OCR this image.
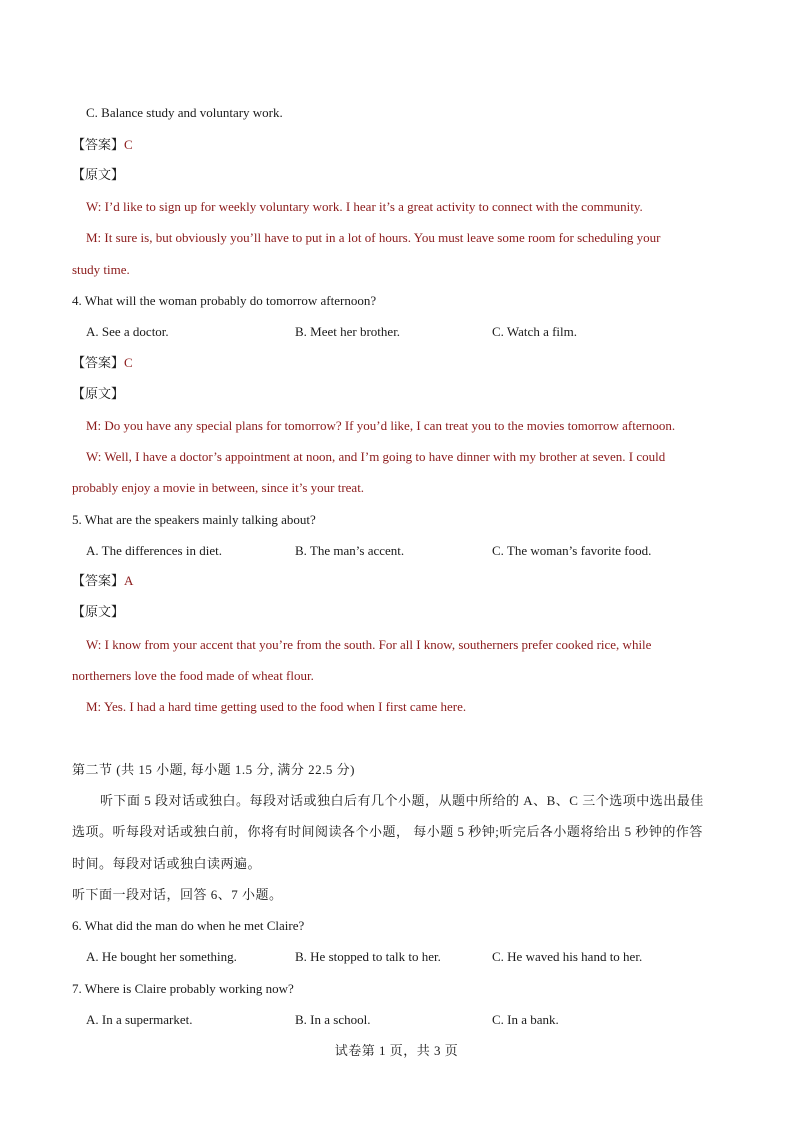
C. Balance study and voluntary work.
【答案】C
【原文】
W: I’d like to sign up for weekly voluntary work. I hear it’s a great activity to connect with the community.
M: It sure is, but obviously you’ll have to put in a lot of hours. You must leave some room for scheduling your
study time.
4. What will the woman probably do tomorrow afternoon?
A. See a doctor.	B. Meet her brother.	C. Watch a film.
【答案】C
【原文】
M: Do you have any special plans for tomorrow? If you’d like, I can treat you to the movies tomorrow afternoon.
W: Well, I have a doctor’s appointment at noon, and I’m going to have dinner with my brother at seven. I could
probably enjoy a movie in between, since it’s your treat.
5. What are the speakers mainly talking about?
A. The differences in diet.	B. The man’s accent.	C. The woman’s favorite food.
【答案】A
【原文】
W: I know from your accent that you’re from the south. For all I know, southerners prefer cooked rice, while
northerners love the food made of wheat flour.
M: Yes. I had a hard time getting used to the food when I first came here.
第二节 (共 15 小题, 每小题 1.5 分, 满分 22.5 分)
听下面 5 段对话或独白。每段对话或独白后有几个小题，从题中所给的 A、B、C 三个选项中选出最佳
选项。听每段对话或独白前，你将有时间阅读各个小题， 每小题 5 秒钟;听完后各小题将给出 5 秒钟的作答
时间。每段对话或独白读两遍。
听下面一段对话，回答 6、7 小题。
6. What did the man do when he met Claire?
A. He bought her something.	B. He stopped to talk to her.	C. He waved his hand to her.
7. Where is Claire probably working now?
A. In a supermarket.	B. In a school.	C. In a bank.
试卷第 1 页，共 3 页
